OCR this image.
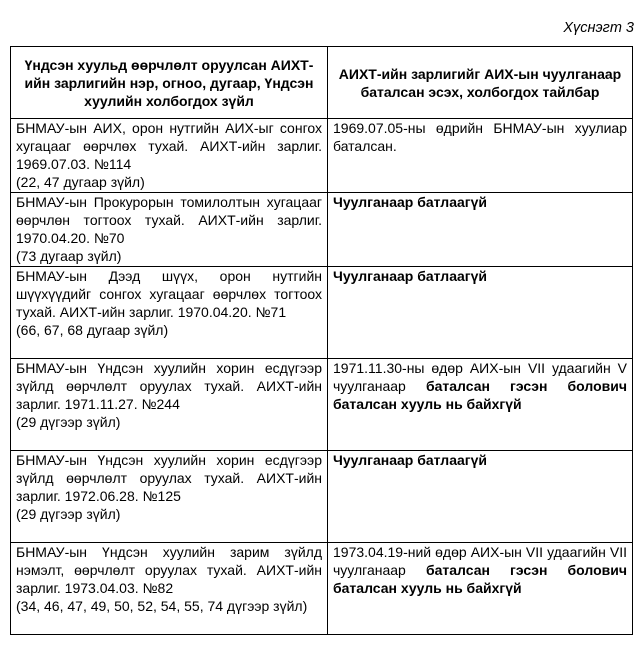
Хүснэгт 3
Үндсэн хуульд өөрчлөлт оруулсан АИХТ-ийн зарлигийн нэр, огноо, дугаар, Үндсэн хуулийн холбогдох зүйл	АИХТ-ийн зарлигийг АИХ-ын чуулганаар баталсан эсэх, холбогдох тайлбар

БНМАУ-ын АИХ, орон нутгийн АИХ-ыг сонгох хугацааг өөрчлөх тухай. АИХТ-ийн зарлиг. 1969.07.03. №114
(22, 47 дугаар зүйл)	1969.07.05-ны өдрийн БНМАУ-ын хуулиар баталсан.

БНМАУ-ын Прокурорын томилолтын хугацааг өөрчлөн тогтоох тухай. АИХТ-ийн зарлиг. 1970.04.20. №70
(73 дугаар зүйл)	Чуулганаар батлаагүй

БНМАУ-ын Дээд шүүх, орон нутгийн шүүхүүдийг сонгох хугацааг өөрчлөх тогтоох тухай. АИХТ-ийн зарлиг. 1970.04.20. №71
(66, 67, 68 дугаар зүйл)	Чуулганаар батлаагүй

БНМАУ-ын Үндсэн хуулийн хорин есдүгээр зүйлд өөрчлөлт оруулах тухай. АИХТ-ийн зарлиг. 1971.11.27. №244
(29 дүгээр зүйл)	1971.11.30-ны өдөр АИХ-ын VII удаагийн V чуулганаар баталсан гэсэн болович баталсан хууль нь байхгүй

БНМАУ-ын Үндсэн хуулийн хорин есдүгээр зүйлд өөрчлөлт оруулах тухай. АИХТ-ийн зарлиг. 1972.06.28. №125
(29 дүгээр зүйл)	Чуулганаар батлаагүй

БНМАУ-ын Үндсэн хуулийн зарим зүйлд нэмэлт, өөрчлөлт оруулах тухай. АИХТ-ийн зарлиг. 1973.04.03. №82
(34, 46, 47, 49, 50, 52, 54, 55, 74 дүгээр зүйл)	1973.04.19-ний өдөр АИХ-ын VII удаагийн VII чуулганаар баталсан гэсэн болович баталсан хууль нь байхгүй
